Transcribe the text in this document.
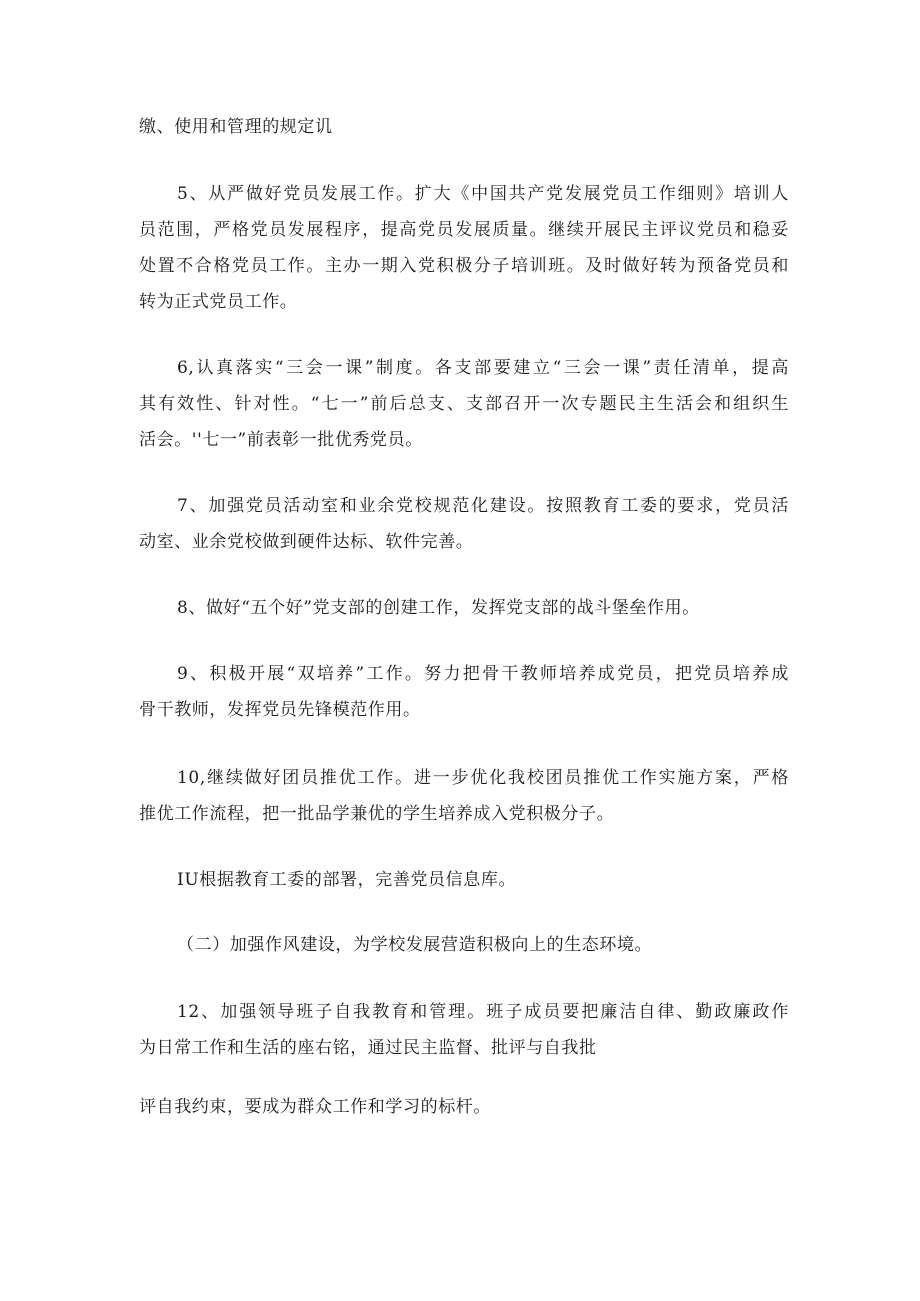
缴、使用和管理的规定讥
5、从严做好党员发展工作。扩大《中国共产党发展党员工作细则》培训人
员范围，严格党员发展程序，提高党员发展质量。继续开展民主评议党员和稳妥
处置不合格党员工作。主办一期入党积极分子培训班。及时做好转为预备党员和
转为正式党员工作。
6,认真落实“三会一课”制度。各支部要建立“三会一课”责任清单，提高
其有效性、针对性。“七一”前后总支、支部召开一次专题民主生活会和组织生
活会。''七一”前表彰一批优秀党员。
7、加强党员活动室和业余党校规范化建设。按照教育工委的要求，党员活
动室、业余党校做到硬件达标、软件完善。
8、做好“五个好”党支部的创建工作，发挥党支部的战斗堡垒作用。
9、积极开展“双培养”工作。努力把骨干教师培养成党员，把党员培养成
骨干教师，发挥党员先锋模范作用。
10,继续做好团员推优工作。进一步优化我校团员推优工作实施方案，严格
推优工作流程，把一批品学兼优的学生培养成入党积极分子。
IU根据教育工委的部署，完善党员信息库。
（二）加强作风建设，为学校发展营造积极向上的生态环境。
12、加强领导班子自我教育和管理。班子成员要把廉洁自律、勤政廉政作
为日常工作和生活的座右铭，通过民主监督、批评与自我批
评自我约束，要成为群众工作和学习的标杆。
